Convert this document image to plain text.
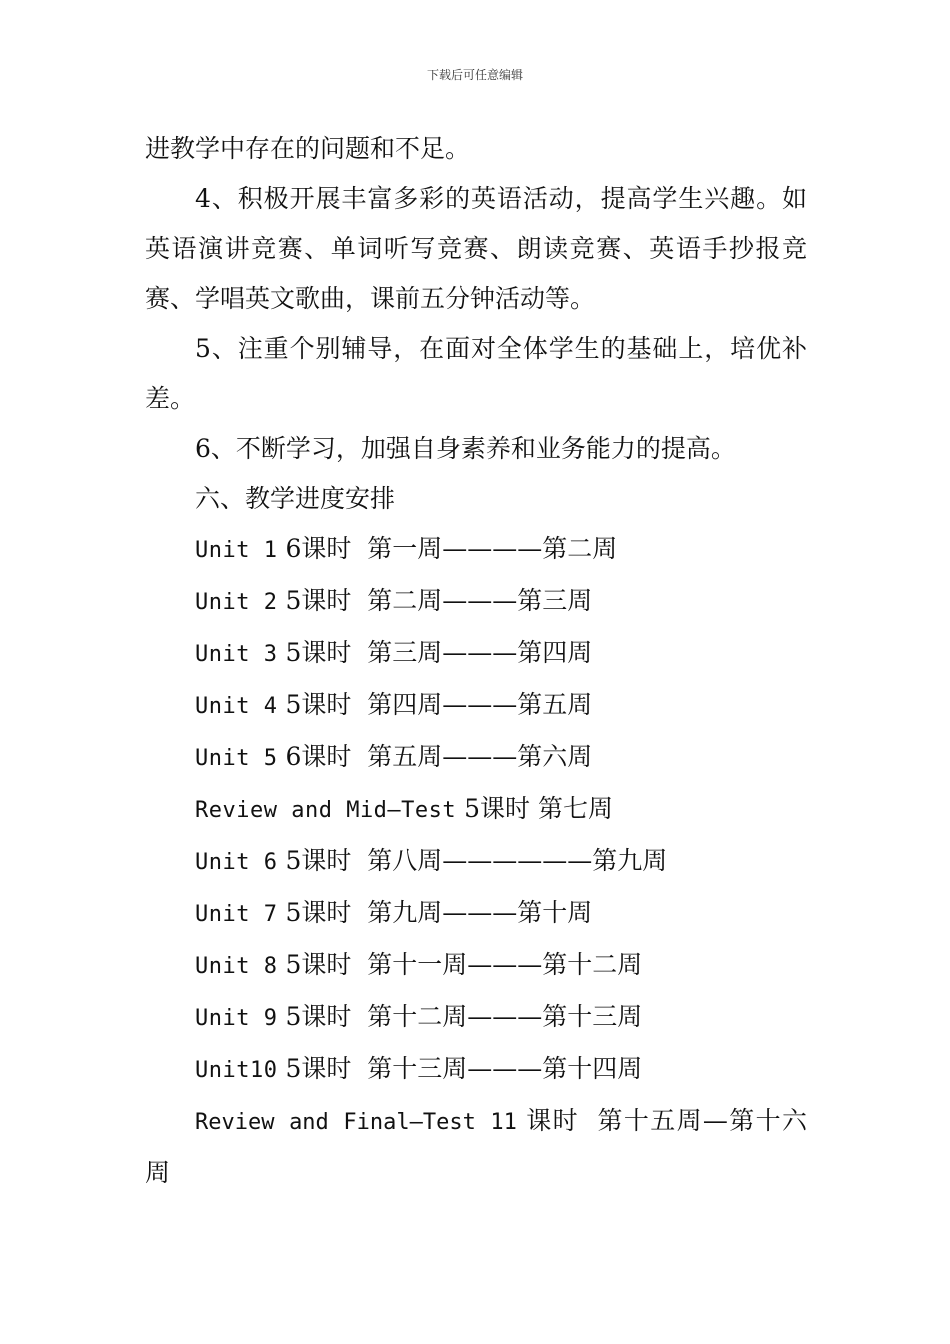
下载后可任意编辑

进教学中存在的问题和不足。

4、积极开展丰富多彩的英语活动，提高学生兴趣。如英语演讲竞赛、单词听写竞赛、朗读竞赛、英语手抄报竞赛、学唱英文歌曲，课前五分钟活动等。

5、注重个别辅导，在面对全体学生的基础上，培优补差。

6、不断学习，加强自身素养和业务能力的提高。

六、教学进度安排

Unit 1 6课时 第一周————第二周

Unit 2 5课时 第二周———第三周

Unit 3 5课时 第三周———第四周

Unit 4 5课时 第四周———第五周

Unit 5 6课时 第五周———第六周

Review and Mid—Test 5课时 第七周

Unit 6 5课时 第八周——————第九周

Unit 7 5课时 第九周———第十周

Unit 8 5课时 第十一周———第十二周

Unit 9 5课时 第十二周———第十三周

Unit10 5课时 第十三周———第十四周

Review and Final—Test 11 课时 第十五周—第十六周
